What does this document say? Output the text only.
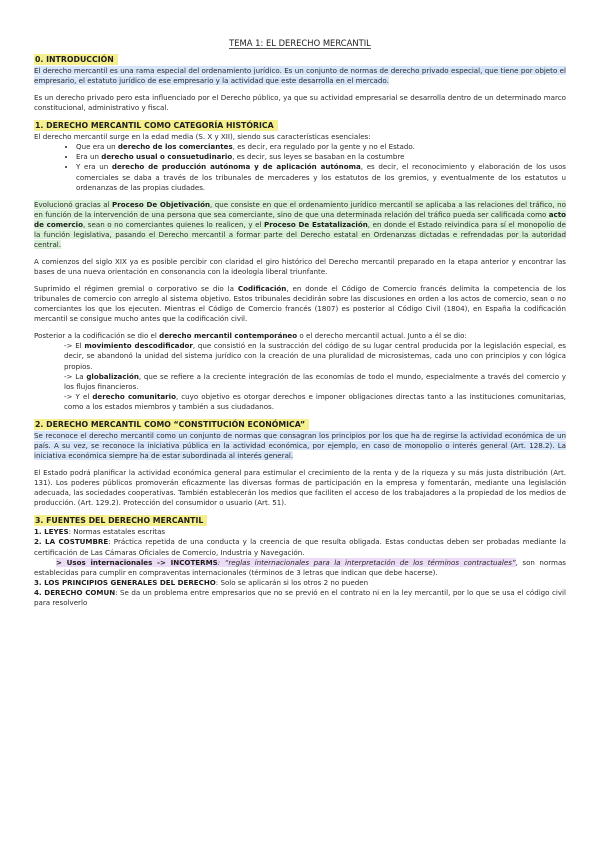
TEMA 1: EL DERECHO MERCANTIL
0. INTRODUCCIÓN

El derecho mercantil es una rama especial del ordenamiento jurídico. Es un conjunto de normas de derecho privado especial, que tiene por objeto el empresario, el estatuto jurídico de ese empresario y la actividad que este desarrolla en el mercado.

Es un derecho privado pero esta influenciado por el Derecho público, ya que su actividad empresarial se desarrolla dentro de un determinado marco constitucional, administrativo y fiscal.

1. DERECHO MERCANTIL COMO CATEGORÍA HISTÓRICA
El derecho mercantil surge en la edad media (S. X y XII), siendo sus características esenciales:
• Que era un derecho de los comerciantes, es decir, era regulado por la gente y no el Estado.
• Era un derecho usual o consuetudinario, es decir, sus leyes se basaban en la costumbre
• Y era un derecho de producción autónoma y de aplicación autónoma, es decir, el reconocimiento y elaboración de los usos comerciales se daba a través de los tribunales de mercaderes y los estatutos de los gremios, y eventualmente de los estatutos u ordenanzas de las propias ciudades.

Evolucionó gracias al Proceso De Objetivación, que consiste en que el ordenamiento jurídico mercantil se aplicaba a las relaciones del tráfico, no en función de la intervención de una persona que sea comerciante, sino de que una determinada relación del tráfico pueda ser calificada como acto de comercio, sean o no comerciantes quienes lo realicen, y el Proceso De Estatalización, en donde el Estado reivindica para sí el monopolio de la función legislativa, pasando el Derecho mercantil a formar parte del Derecho estatal en Ordenanzas dictadas e refrendadas por la autoridad central.

A comienzos del siglo XIX ya es posible percibir con claridad el giro histórico del Derecho mercantil preparado en la etapa anterior y encontrar las bases de una nueva orientación en consonancia con la ideología liberal triunfante.

Suprimido el régimen gremial o corporativo se dio la Codificación, en donde el Código de Comercio francés delimita la competencia de los tribunales de comercio con arreglo al sistema objetivo. Estos tribunales decidirán sobre las discusiones en orden a los actos de comercio, sean o no comerciantes los que los ejecuten. Mientras el Código de Comercio francés (1807) es posterior al Código Civil (1804), en España la codificación mercantil se consigue mucho antes que la codificación civil.

Posterior a la codificación se dio el derecho mercantil contemporáneo o el derecho mercantil actual. Junto a él se dio:
-> El movimiento descodificador, que consistió en la sustracción del código de su lugar central producida por la legislación especial, es decir, se abandonó la unidad del sistema jurídico con la creación de una pluralidad de microsistemas, cada uno con principios y con lógica propios.
-> La globalización, que se refiere a la creciente integración de las economías de todo el mundo, especialmente a través del comercio y los flujos financieros.
-> Y el derecho comunitario, cuyo objetivo es otorgar derechos e imponer obligaciones directas tanto a las instituciones comunitarias, como a los estados miembros y también a sus ciudadanos.
2. DERECHO MERCANTIL COMO “CONSTITUCIÓN ECONÓMICA”

Se reconoce el derecho mercantil como un conjunto de normas que consagran los principios por los que ha de regirse la actividad económica de un país. A su vez, se reconoce la iniciativa pública en la actividad económica, por ejemplo, en caso de monopolio o interés general (Art. 128.2). La iniciativa económica siempre ha de estar subordinada al interés general.

El Estado podrá planificar la actividad económica general para estimular el crecimiento de la renta y de la riqueza y su más justa distribución (Art. 131). Los poderes públicos promoverán eficazmente las diversas formas de participación en la empresa y fomentarán, mediante una legislación adecuada, las sociedades cooperativas. También establecerán los medios que faciliten el acceso de los trabajadores a la propiedad de los medios de producción. (Art. 129.2). Protección del consumidor o usuario (Art. 51).

3. FUENTES DEL DERECHO MERCANTIL
1. LEYES: Normas estatales escritas
2. LA COSTUMBRE: Práctica repetida de una conducta y la creencia de que resulta obligada. Estas conductas deben ser probadas mediante la certificación de Las Cámaras Oficiales de Comercio, Industria y Navegación.
> Usos internacionales -> INCOTERMS: “reglas internacionales para la interpretación de los términos contractuales”, son normas establecidas para cumplir en compraventas internacionales (términos de 3 letras que indican que debe hacerse).
3. LOS PRINCIPIOS GENERALES DEL DERECHO: Solo se aplicarán si los otros 2 no pueden
4. DERECHO COMUN: Se da un problema entre empresarios que no se previó en el contrato ni en la ley mercantil, por lo que se usa el código civil para resolverlo
